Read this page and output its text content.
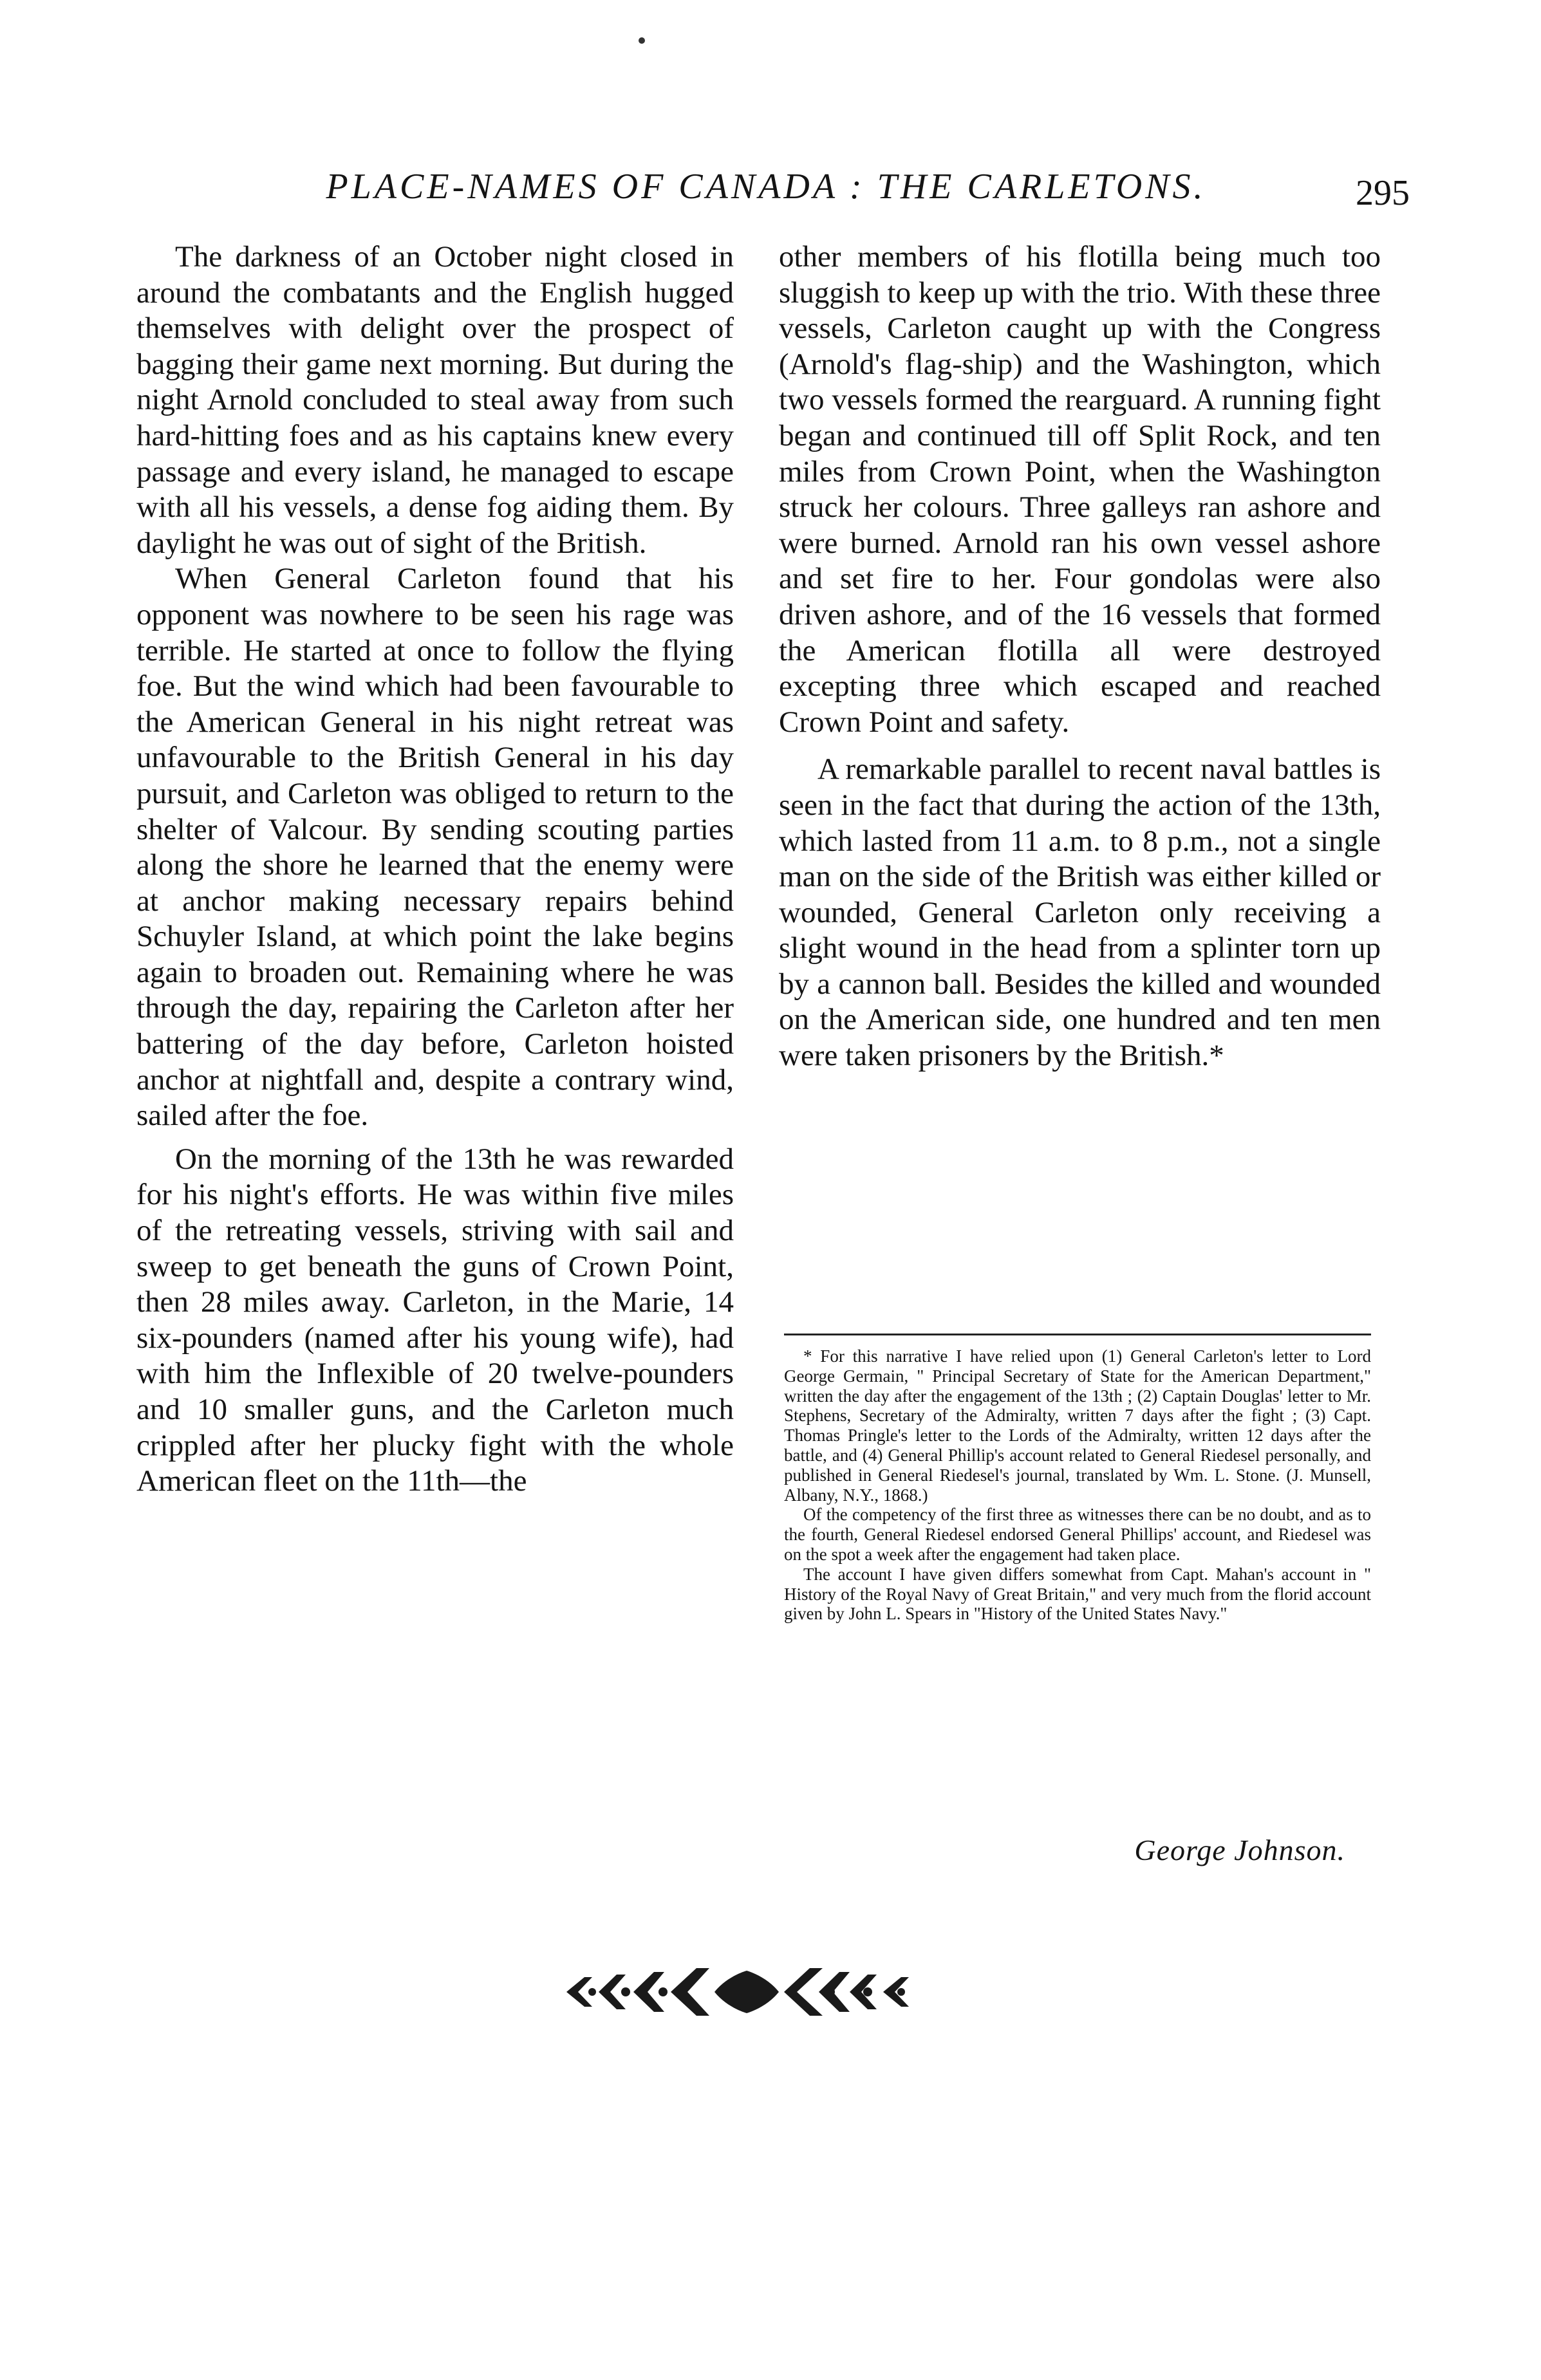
PLACE-NAMES OF CANADA : THE CARLETONS.	295

The darkness of an October night closed in around the combatants and the English hugged themselves with delight over the prospect of bagging their game next morning. But during the night Arnold concluded to steal away from such hard-hitting foes and as his captains knew every passage and every island, he managed to escape with all his vessels, a dense fog aiding them. By daylight he was out of sight of the British.

When General Carleton found that his opponent was nowhere to be seen his rage was terrible. He started at once to follow the flying foe. But the wind which had been favourable to the American General in his night retreat was unfavourable to the British General in his day pursuit, and Carleton was obliged to return to the shelter of Valcour. By sending scouting parties along the shore he learned that the enemy were at anchor making necessary repairs behind Schuyler Island, at which point the lake begins again to broaden out. Remaining where he was through the day, repairing the Carleton after her battering of the day before, Carleton hoisted anchor at nightfall and, despite a contrary wind, sailed after the foe.

On the morning of the 13th he was rewarded for his night's efforts. He was within five miles of the retreating vessels, striving with sail and sweep to get beneath the guns of Crown Point, then 28 miles away. Carleton, in the Marie, 14 six-pounders (named after his young wife), had with him the Inflexible of 20 twelve-pounders and 10 smaller guns, and the Carleton much crippled after her plucky fight with the whole American fleet on the 11th—the

other members of his flotilla being much too sluggish to keep up with the trio. With these three vessels, Carleton caught up with the Congress (Arnold's flag-ship) and the Washington, which two vessels formed the rearguard. A running fight began and continued till off Split Rock, and ten miles from Crown Point, when the Washington struck her colours. Three galleys ran ashore and were burned. Arnold ran his own vessel ashore and set fire to her. Four gondolas were also driven ashore, and of the 16 vessels that formed the American flotilla all were destroyed excepting three which escaped and reached Crown Point and safety.

A remarkable parallel to recent naval battles is seen in the fact that during the action of the 13th, which lasted from 11 a.m. to 8 p.m., not a single man on the side of the British was either killed or wounded, General Carleton only receiving a slight wound in the head from a splinter torn up by a cannon ball. Besides the killed and wounded on the American side, one hundred and ten men were taken prisoners by the British.*

* For this narrative I have relied upon (1) General Carleton's letter to Lord George Germain, " Principal Secretary of State for the American Department," written the day after the engagement of the 13th ; (2) Captain Douglas' letter to Mr. Stephens, Secretary of the Admiralty, written 7 days after the fight ; (3) Capt. Thomas Pringle's letter to the Lords of the Admiralty, written 12 days after the battle, and (4) General Phillip's account related to General Riedesel personally, and published in General Riedesel's journal, translated by Wm. L. Stone. (J. Munsell, Albany, N.Y., 1868.)

Of the competency of the first three as witnesses there can be no doubt, and as to the fourth, General Riedesel endorsed General Phillips' account, and Riedesel was on the spot a week after the engagement had taken place.

The account I have given differs somewhat from Capt. Mahan's account in " History of the Royal Navy of Great Britain," and very much from the florid account given by John L. Spears in "History of the United States Navy."

George Johnson.
